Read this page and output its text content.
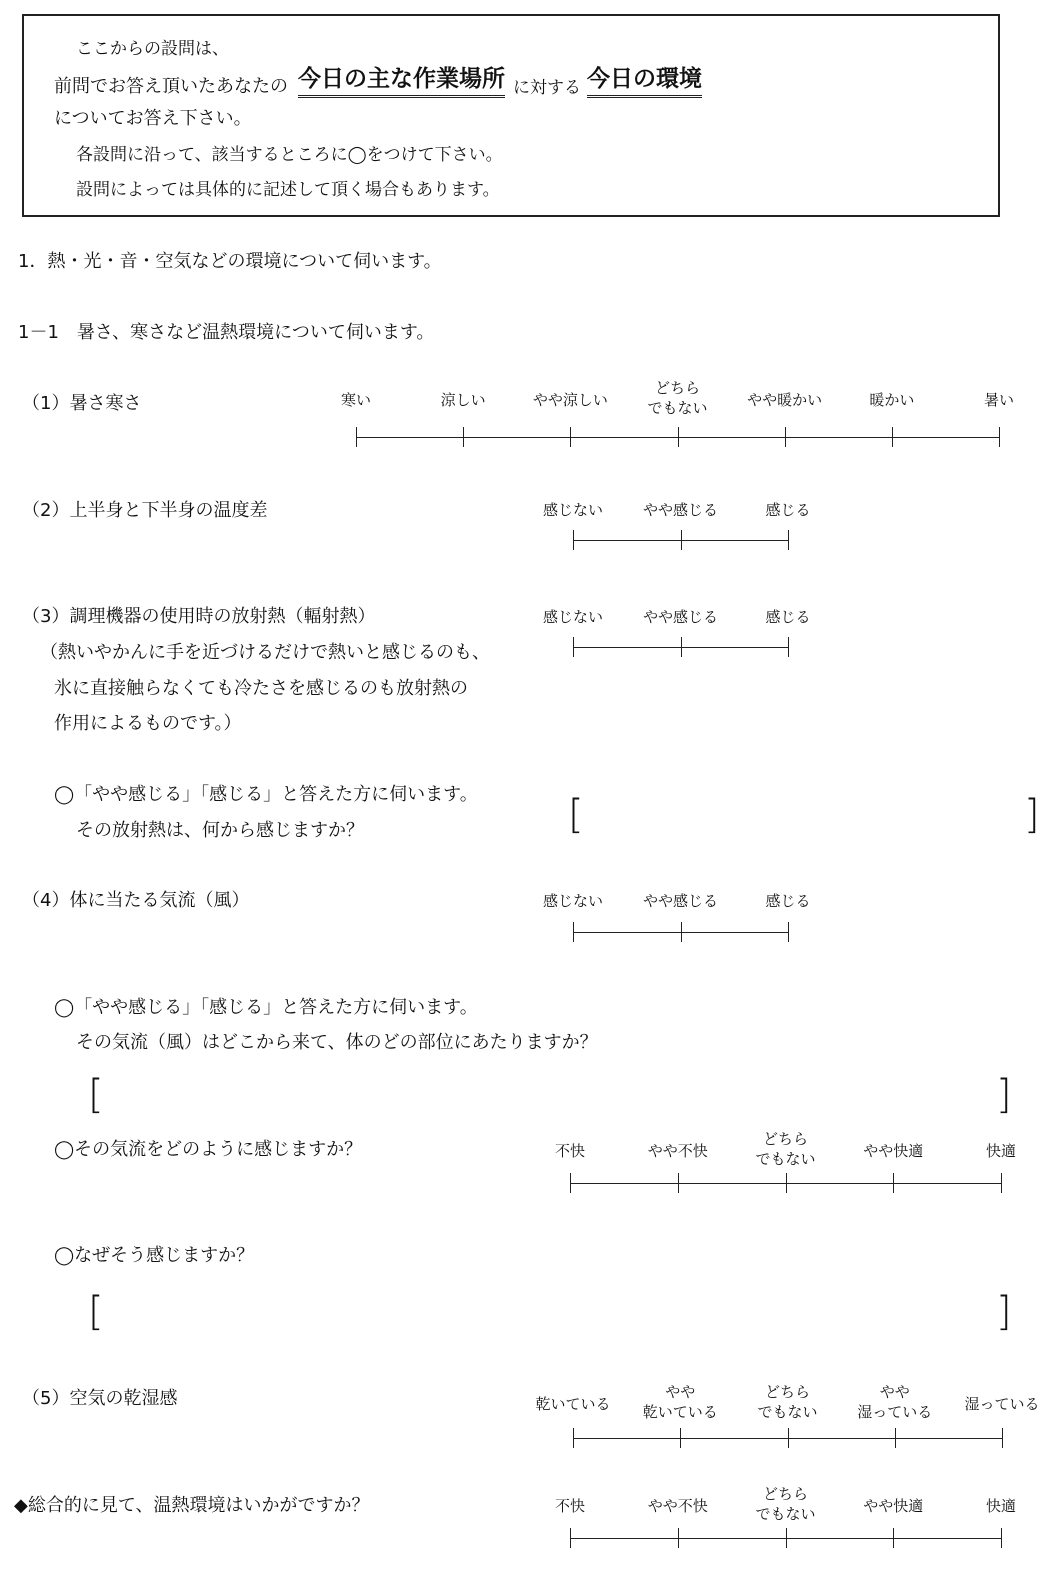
ここからの設問は、
前問でお答え頂いたあなたの 今日の主な作業場所 に対する 今日の環境
についてお答え下さい。
各設問に沿って、該当するところに◯をつけて下さい。
設問によっては具体的に記述して頂く場合もあります。
1．熱・光・音・空気などの環境について伺います。
1－1　暑さ、寒さなど温熱環境について伺います。
（1）暑さ寒さ	寒い	涼しい	やや涼しい
どちら
でもない	やや暖かい	暖かい	暑い
（2）上半身と下半身の温度差	感じない	やや感じる	感じる
（3）調理機器の使用時の放射熱（輻射熱）
（熱いやかんに手を近づけるだけで熱いと感じるのも、
氷に直接触らなくても冷たさを感じるのも放射熱の
作用によるものです。）
感じない	やや感じる	感じる
◯「やや感じる」「感じる」と答えた方に伺います。
その放射熱は、何から感じますか？	[	]
（4）体に当たる気流（風）	感じない	やや感じる	感じる
◯「やや感じる」「感じる」と答えた方に伺います。
その気流（風）はどこから来て、体のどの部位にあたりますか？
[	]
◯その気流をどのように感じますか？	不快	やや不快
どちら
でもない	やや快適	快適
◯なぜそう感じますか？
[	]
（5）空気の乾湿感	乾いている
やや
乾いている
どちら
でもない
やや
湿っている 湿っている
◆総合的に見て、温熱環境はいかがですか？	不快	やや不快
どちら
でもない	やや快適	快適
